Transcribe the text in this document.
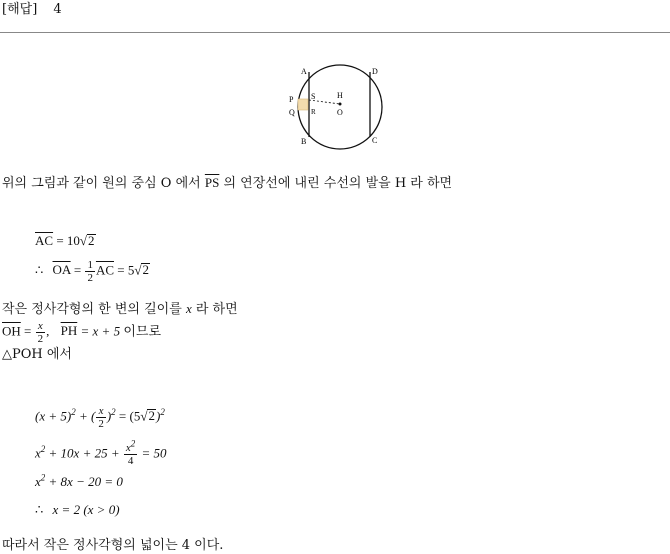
[해답] 4
A	D
B	C
P
Q
S
R
H
O
위의 그림과 같이 원의 중심 O 에서 $\overline{PS}$ 의 연장선에 내린 수선의 발을 H 라 하면
$\overline{AC} = 10√2$
∴ $\overline{OA} = \frac{1}{2} \overline{AC} = 5√2$
작은 정사각형의 한 변의 길이를 x 라 하면
$\overline{OH} = \frac{x}{2}$ , $\overline{PH} = x + 5$ 이므로
△POH 에서
$(x + 5)^2$ + ( $\frac{x}{2} )^2 = (5√2)^2$
$x^2 + 10x + 25 + \frac{x^2}{4} = 50$
$x^2 + 8x - 20 = 0$
∴ x = 2 (x > 0)
따라서 작은 정사각형의 넓이는 4 이다.
